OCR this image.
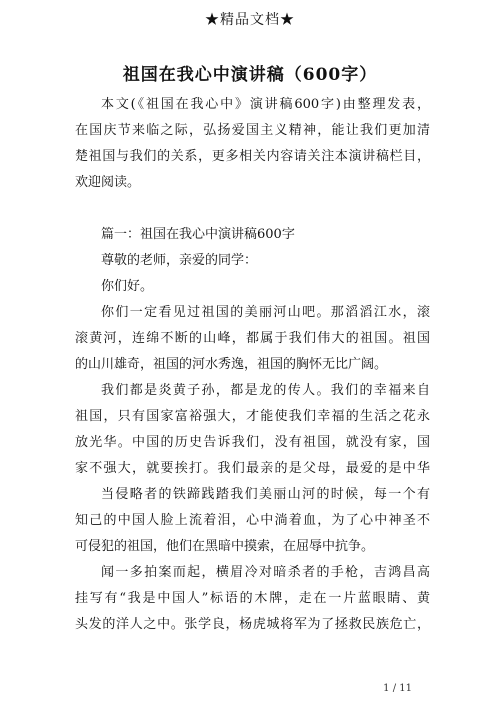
★精品文档★
祖国在我心中演讲稿（600字）
本文(《祖国在我心中》演讲稿600字)由整理发表，
在国庆节来临之际，弘扬爱国主义精神，能让我们更加清
楚祖国与我们的关系，更多相关内容请关注本演讲稿栏目，
欢迎阅读。
篇一：祖国在我心中演讲稿600字
尊敬的老师，亲爱的同学：
你们好。
你们一定看见过祖国的美丽河山吧。那滔滔江水，滚
滚黄河，连绵不断的山峰，都属于我们伟大的祖国。祖国
的山川雄奇，祖国的河水秀逸，祖国的胸怀无比广阔。
我们都是炎黄子孙，都是龙的传人。我们的幸福来自
祖国，只有国家富裕强大，才能使我们幸福的生活之花永
放光华。中国的历史告诉我们，没有祖国，就没有家，国
家不强大，就要挨打。我们最亲的是父母，最爱的是中华
当侵略者的铁蹄践踏我们美丽山河的时候，每一个有
知己的中国人脸上流着泪，心中淌着血，为了心中神圣不
可侵犯的祖国，他们在黑暗中摸索，在屈辱中抗争。
闻一多拍案而起，横眉冷对暗杀者的手枪，吉鸿昌高
挂写有“我是中国人”标语的木牌，走在一片蓝眼睛、黄
头发的洋人之中。张学良，杨虎城将军为了拯救民族危亡，
1 / 11
